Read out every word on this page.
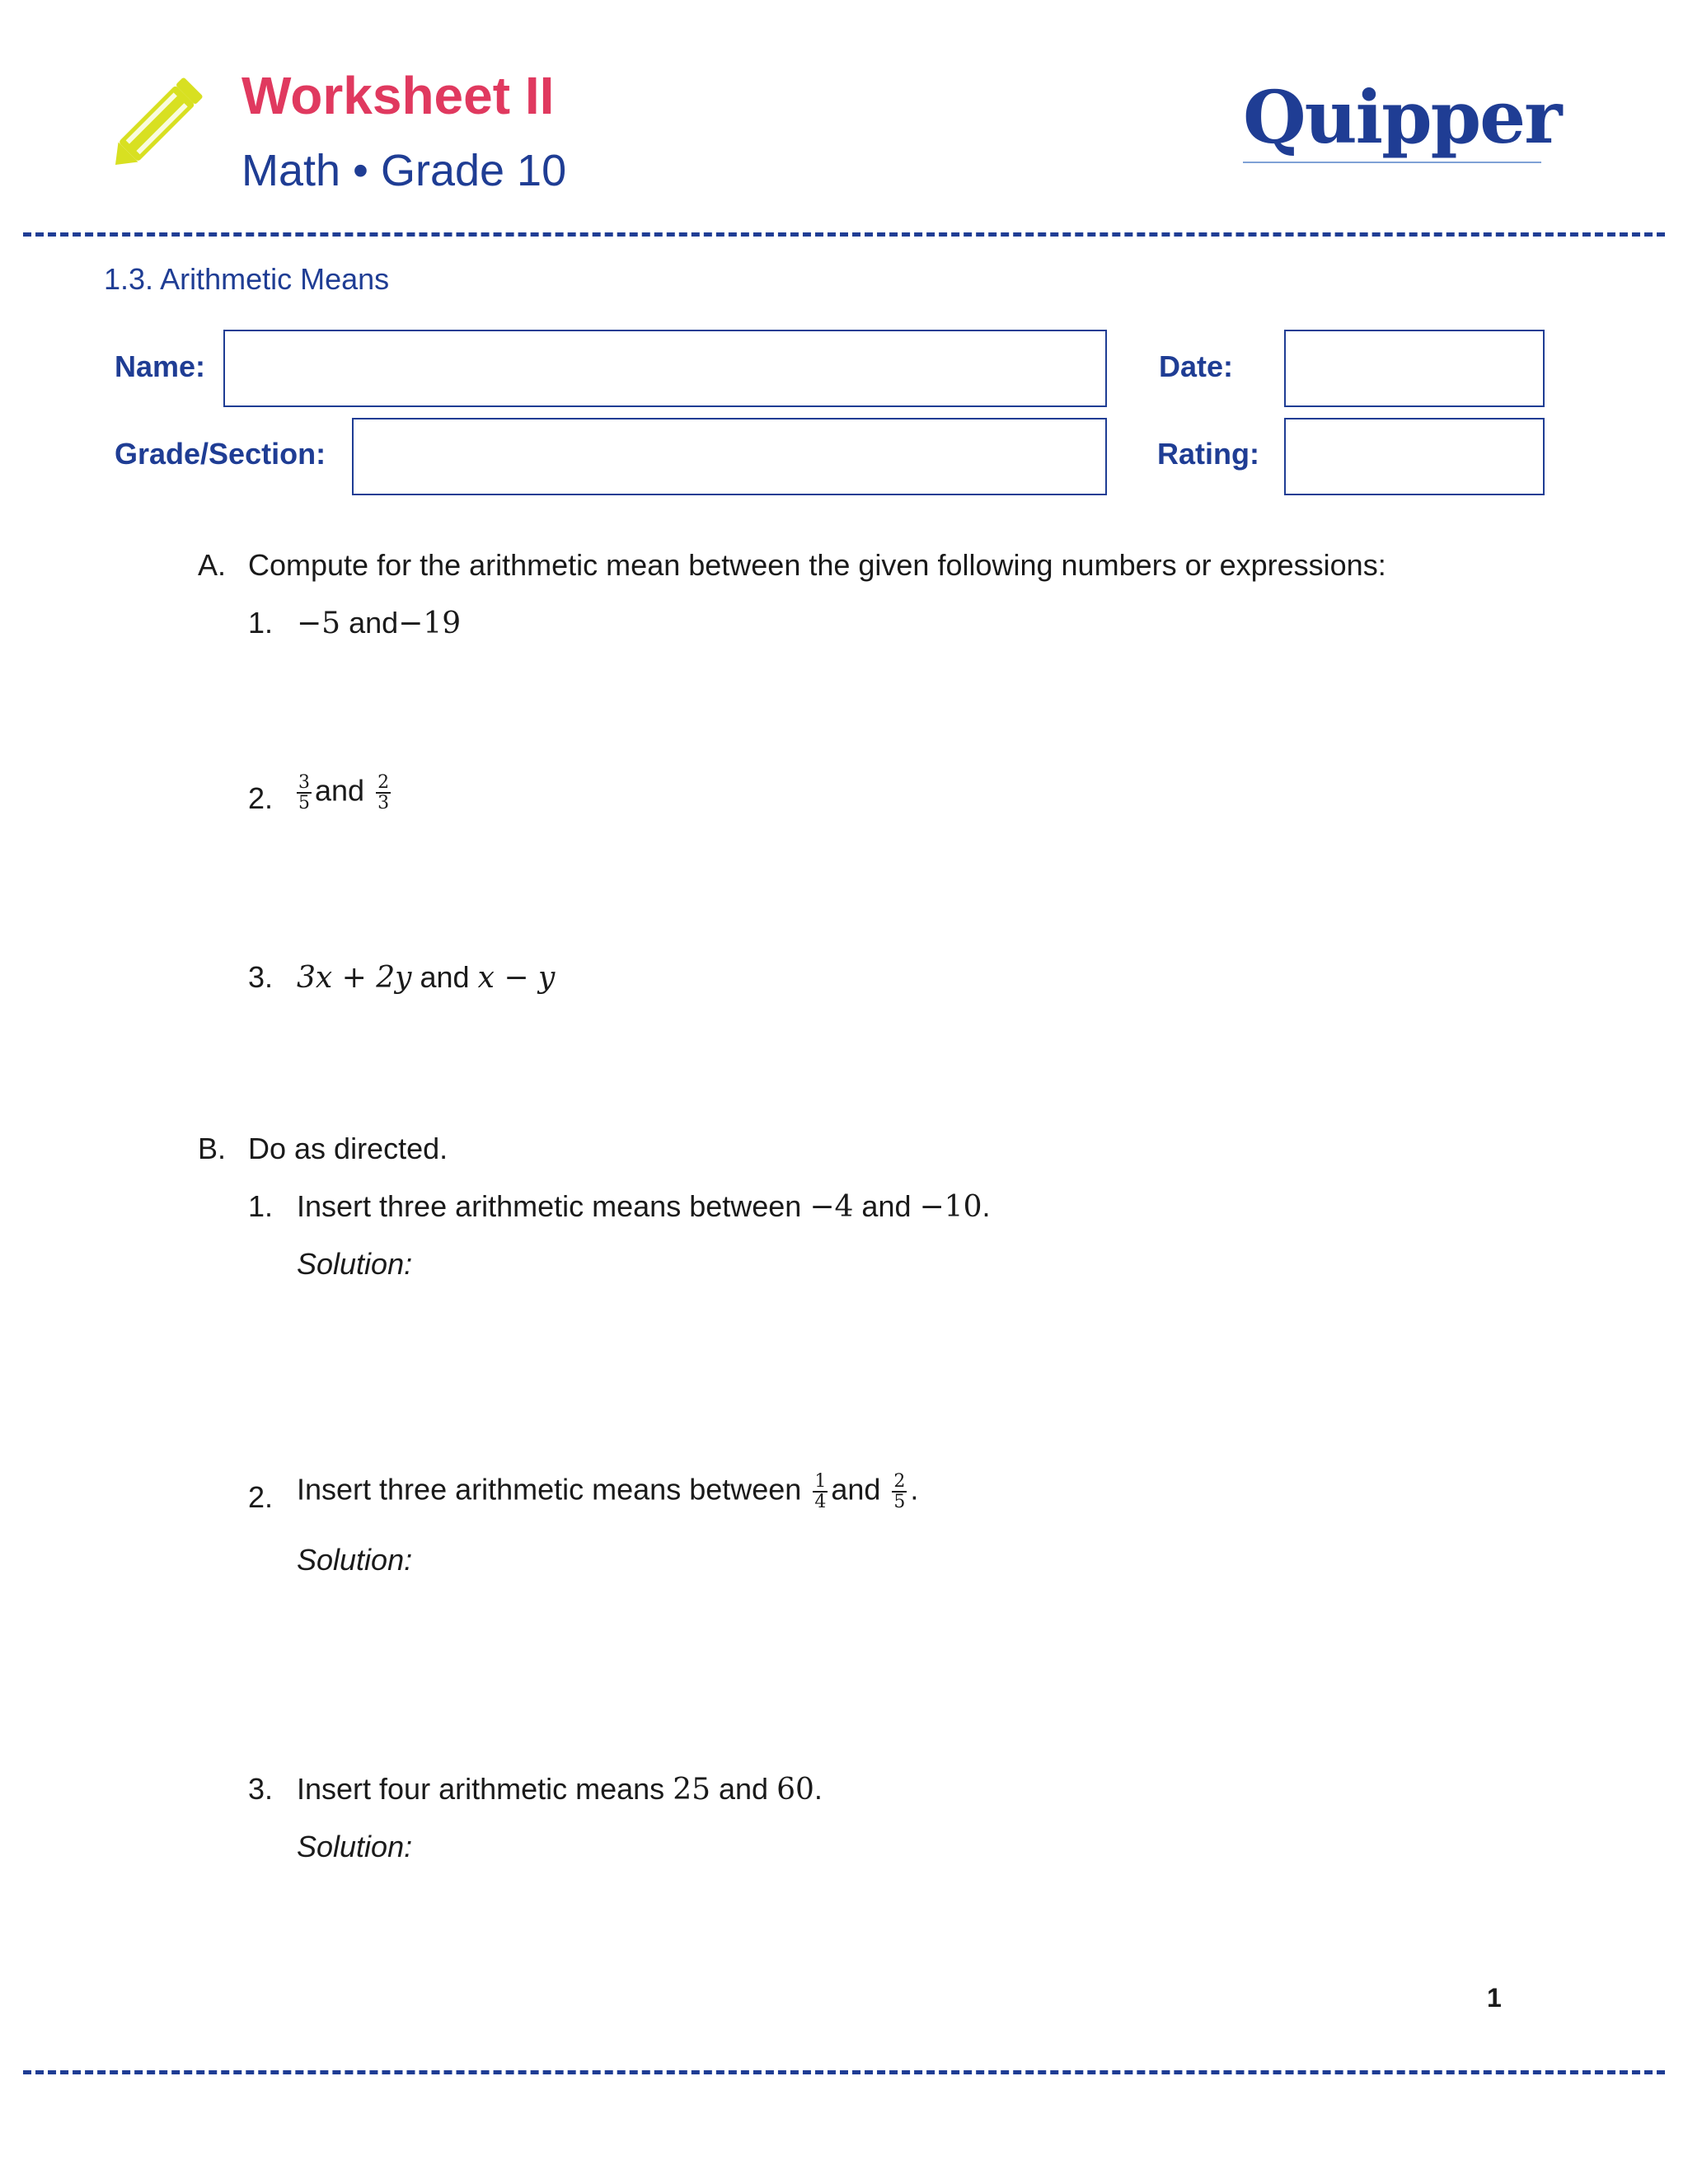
Worksheet II
Math • Grade 10
Quipper
1.3. Arithmetic Means
Name:	Date:
Grade/Section:	Rating:
A. Compute for the arithmetic mean between the given following numbers or expressions:
1. −5 and−19
2. $\frac{3}{5}$ and $\frac{2}{3}$
3. 3x + 2y and x − y
B. Do as directed.
1. Insert three arithmetic means between −4 and −10.
Solution:
2. Insert three arithmetic means between $\frac{1}{4}$ and $\frac{2}{5}$ .
Solution:
3. Insert four arithmetic means 25 and 60.
Solution:
1
